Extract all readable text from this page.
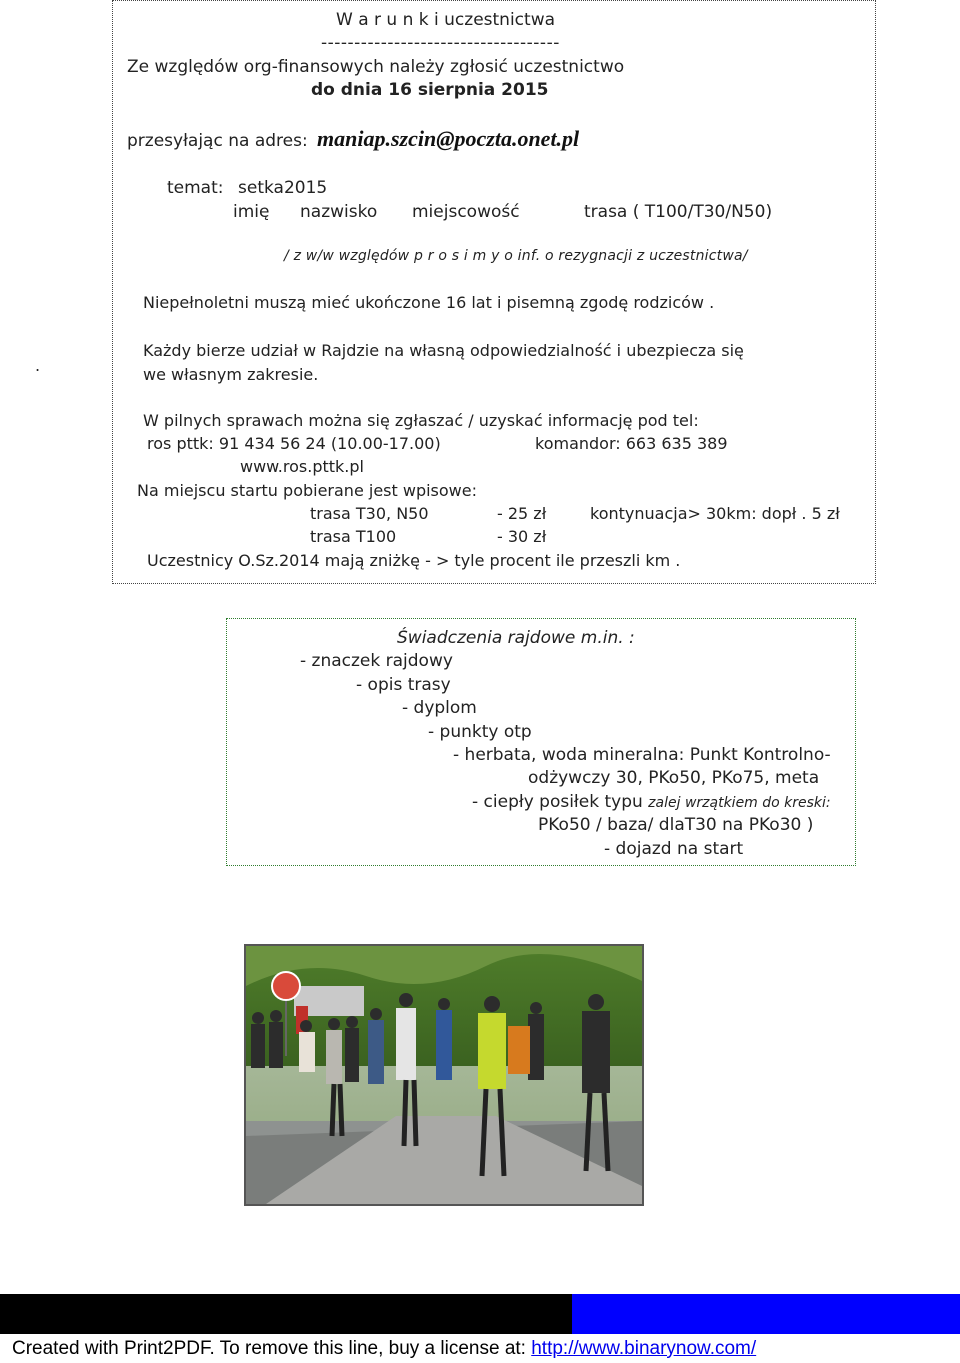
W a r u n k i uczestnictwa
------------------------------------
Ze względów org-finansowych należy zgłosić uczestnictwo
do dnia 16 sierpnia 2015
przesyłając na adres: maniap.szcin@poczta.onet.pl
temat: setka2015
imię nazwisko miejscowość	trasa ( T100/T30/N50)
/ z w/w względów p r o s i m y o inf. o rezygnacji z uczestnictwa/
Niepełnoletni muszą mieć ukończone 16 lat i pisemną zgodę rodziców .
.
Każdy bierze udział w Rajdzie na własną odpowiedzialność i ubezpiecza się
we własnym zakresie.
W pilnych sprawach można się zgłaszać / uzyskać informację pod tel:
ros pttk: 91 434 56 24 (10.00-17.00)	komandor: 663 635 389
www.ros.pttk.pl
Na miejscu startu pobierane jest wpisowe:
trasa T30, N50	- 25 zł	kontynuacja> 30km: dopł . 5 zł
trasa T100	- 30 zł
Uczestnicy O.Sz.2014 mają zniżkę - > tyle procent ile przeszli km .
Świadczenia rajdowe m.in. :
- znaczek rajdowy
- opis trasy
- dyplom
- punkty otp
- herbata, woda mineralna: Punkt Kontrolno-
odżywczy 30, PKo50, PKo75, meta
- ciepły posiłek typu zalej wrzątkiem do kreski:
PKo50 / baza/ dlaT30 na PKo30 )
- dojazd na start
Created with Print2PDF. To remove this line, buy a license at: http://www.binarynow.com/
